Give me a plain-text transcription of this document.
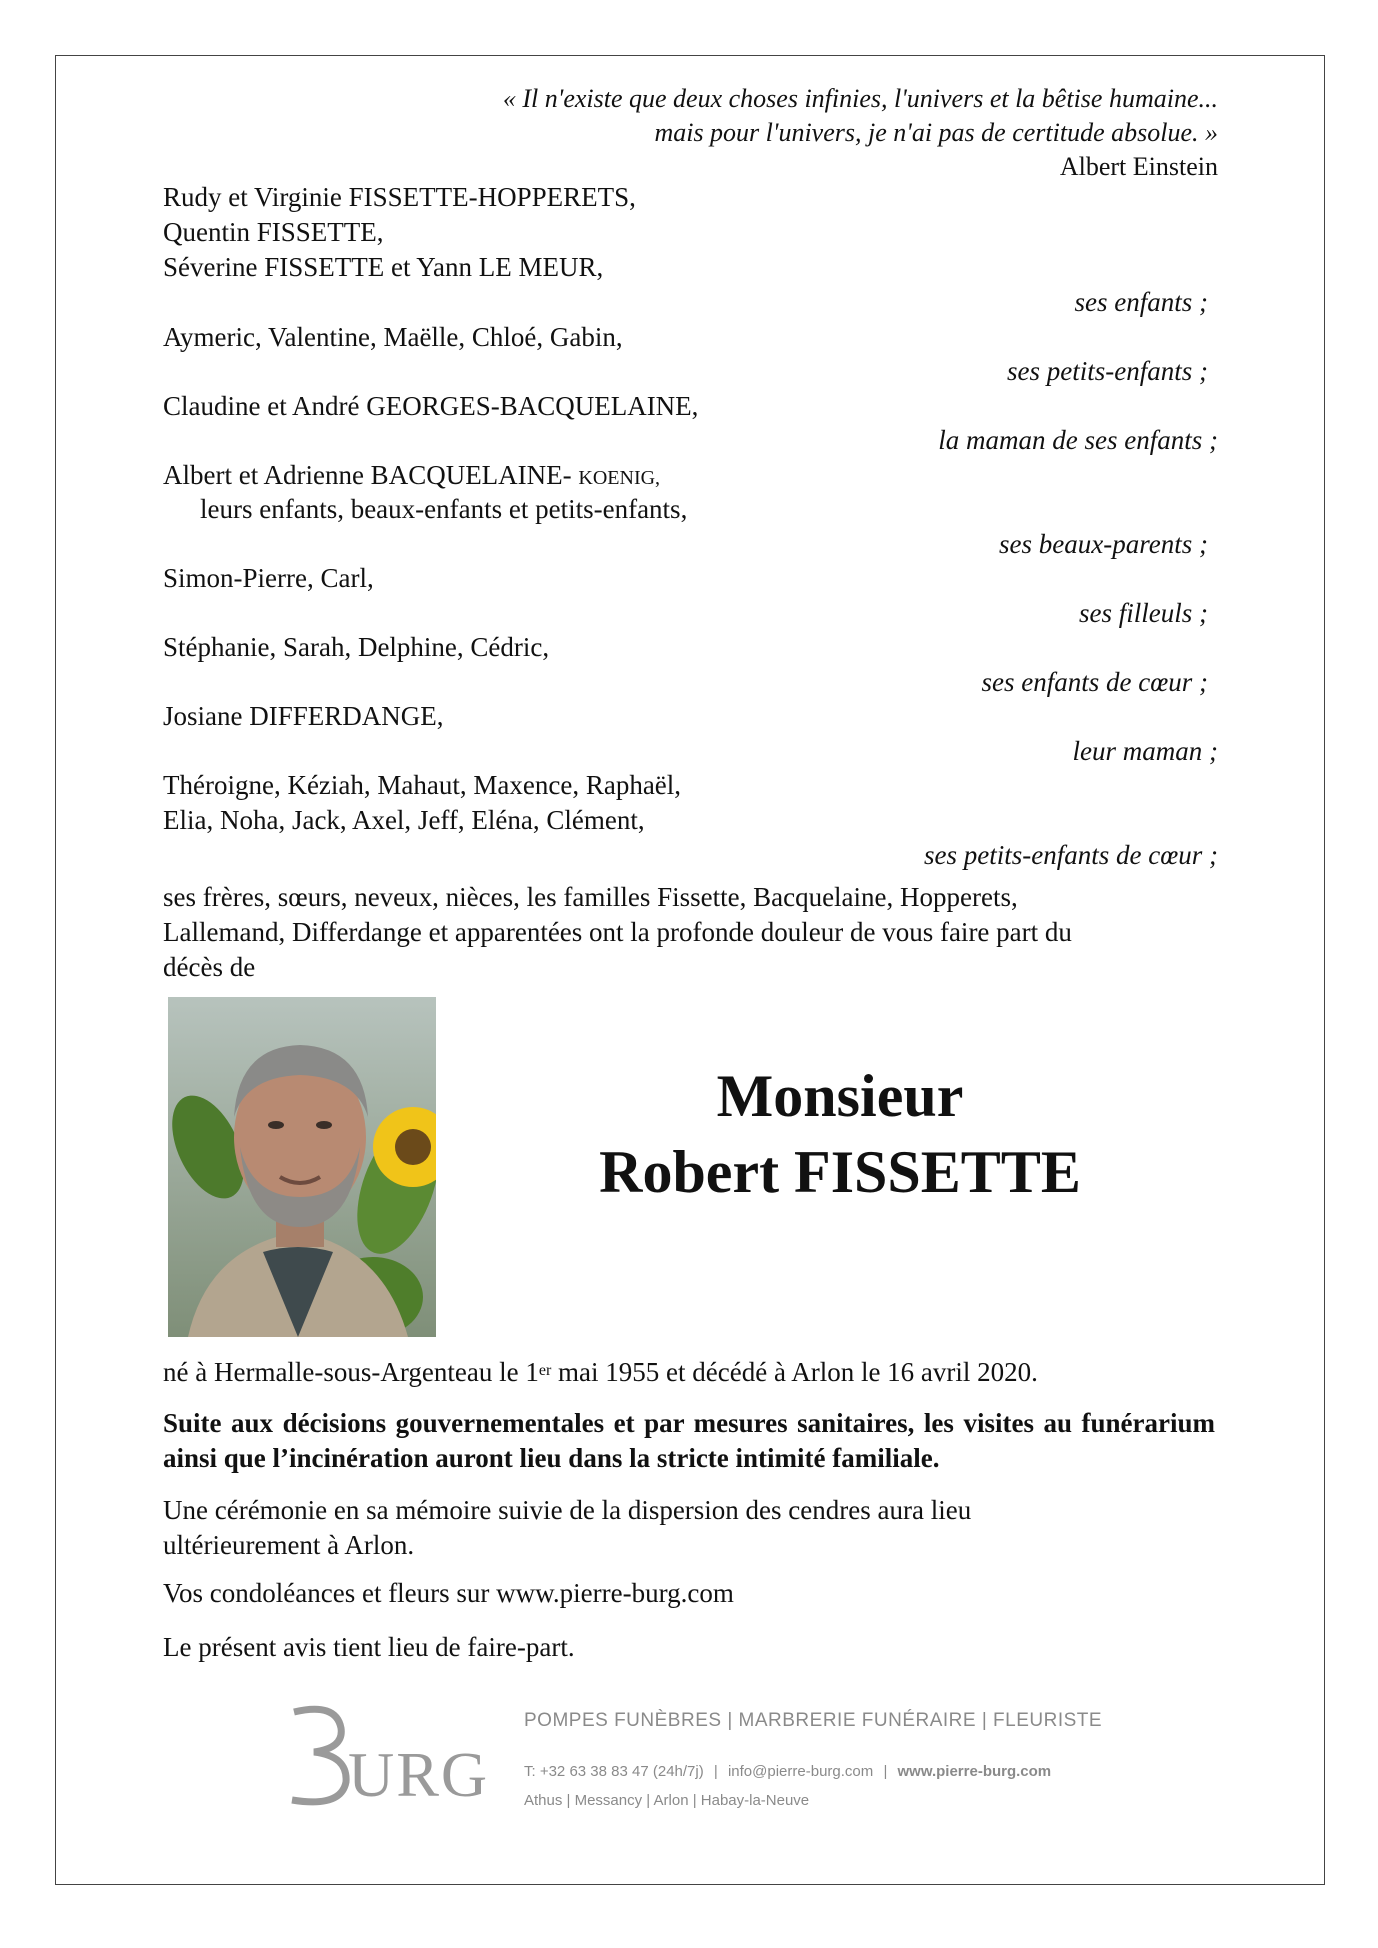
« Il n'existe que deux choses infinies, l'univers et la bêtise humaine...
mais pour l'univers, je n'ai pas de certitude absolue. »
Albert Einstein
Rudy et Virginie FISSETTE-HOPPERETS,
Quentin FISSETTE,
Séverine FISSETTE et Yann LE MEUR,
ses enfants ;
Aymeric, Valentine, Maëlle, Chloé, Gabin,
ses petits-enfants ;
Claudine et André GEORGES-BACQUELAINE,
la maman de ses enfants ;
Albert et Adrienne BACQUELAINE- KOENIG,
leurs enfants, beaux-enfants et petits-enfants,
ses beaux-parents ;
Simon-Pierre, Carl,
ses filleuls ;
Stéphanie, Sarah, Delphine, Cédric,
ses enfants de cœur ;
Josiane DIFFERDANGE,
leur maman ;
Théroigne, Kéziah, Mahaut, Maxence, Raphaël,
Elia, Noha, Jack, Axel, Jeff, Eléna, Clément,
ses petits-enfants de cœur ;
ses frères, sœurs, neveux, nièces, les familles Fissette, Bacquelaine, Hopperets,
Lallemand, Differdange et apparentées ont la profonde douleur de vous faire part du
décès de
Monsieur
Robert FISSETTE
né à Hermalle-sous-Argenteau le 1er mai 1955 et décédé à Arlon le 16 avril 2020.
Suite aux décisions gouvernementales et par mesures sanitaires, les visites au funérarium ainsi que l’incinération auront lieu dans la stricte intimité familiale.
Une cérémonie en sa mémoire suivie de la dispersion des cendres aura lieu ultérieurement à Arlon.
Vos condoléances et fleurs sur www.pierre-burg.com
Le présent avis tient lieu de faire-part.
URG
POMPES FUNÈBRES | MARBRERIE FUNÉRAIRE | FLEURISTE
T: +32 63 38 83 47 (24h/7j) | info@pierre-burg.com | www.pierre-burg.com
Athus | Messancy | Arlon | Habay-la-Neuve
